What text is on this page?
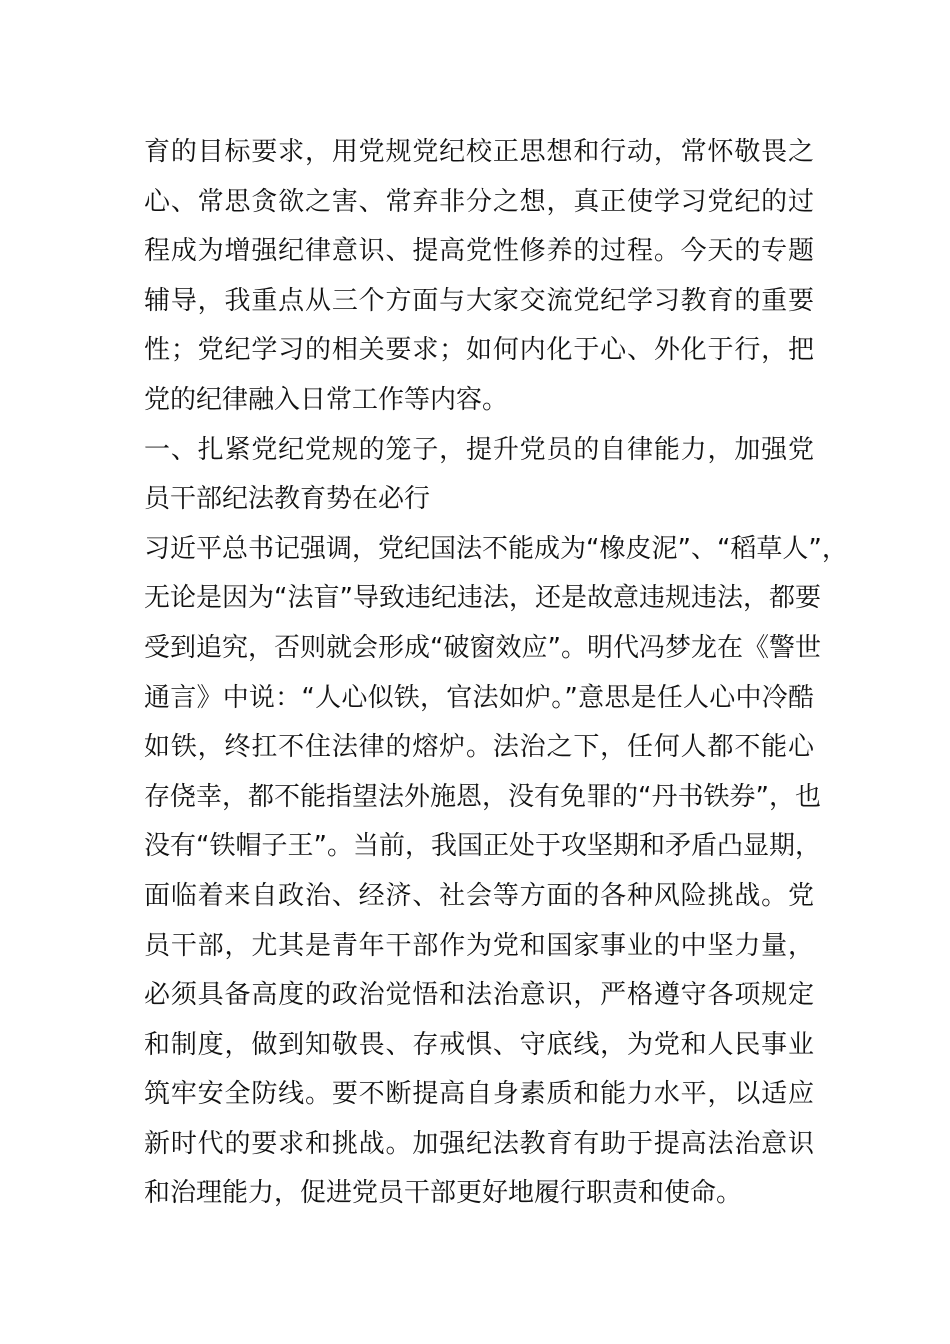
育的目标要求，用党规党纪校正思想和行动，常怀敬畏之
心、常思贪欲之害、常弃非分之想，真正使学习党纪的过
程成为增强纪律意识、提高党性修养的过程。今天的专题
辅导，我重点从三个方面与大家交流党纪学习教育的重要
性；党纪学习的相关要求；如何内化于心、外化于行，把
党的纪律融入日常工作等内容。
一、扎紧党纪党规的笼子，提升党员的自律能力，加强党
员干部纪法教育势在必行
习近平总书记强调，党纪国法不能成为“橡皮泥”、“稻草人”，
无论是因为“法盲”导致违纪违法，还是故意违规违法，都要
受到追究，否则就会形成“破窗效应”。明代冯梦龙在《警世
通言》中说：“人心似铁，官法如炉。”意思是任人心中冷酷
如铁，终扛不住法律的熔炉。法治之下，任何人都不能心
存侥幸，都不能指望法外施恩，没有免罪的“丹书铁券”，也
没有“铁帽子王”。当前，我国正处于攻坚期和矛盾凸显期，
面临着来自政治、经济、社会等方面的各种风险挑战。党
员干部，尤其是青年干部作为党和国家事业的中坚力量，
必须具备高度的政治觉悟和法治意识，严格遵守各项规定
和制度，做到知敬畏、存戒惧、守底线，为党和人民事业
筑牢安全防线。要不断提高自身素质和能力水平，以适应
新时代的要求和挑战。加强纪法教育有助于提高法治意识
和治理能力，促进党员干部更好地履行职责和使命。
